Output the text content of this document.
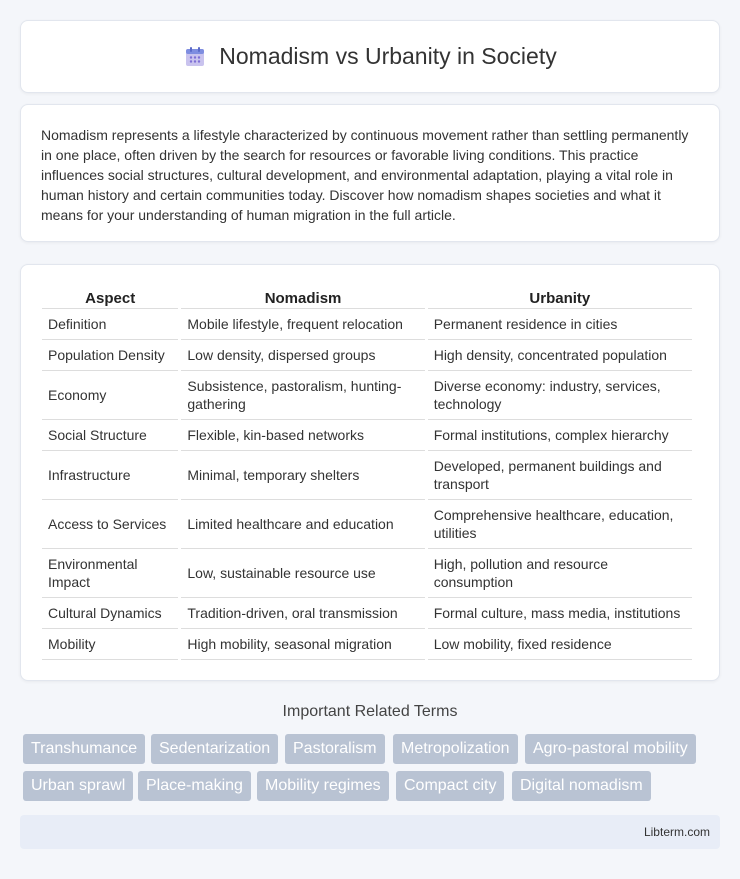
Nomadism vs Urbanity in Society

Nomadism represents a lifestyle characterized by continuous movement rather than settling permanently in one place, often driven by the search for resources or favorable living conditions. This practice influences social structures, cultural development, and environmental adaptation, playing a vital role in human history and certain communities today. Discover how nomadism shapes societies and what it means for your understanding of human migration in the full article.

Aspect	Nomadism	Urbanity
Definition	Mobile lifestyle, frequent relocation	Permanent residence in cities
Population Density	Low density, dispersed groups	High density, concentrated population
Economy	Subsistence, pastoralism, hunting-gathering	Diverse economy: industry, services, technology
Social Structure	Flexible, kin-based networks	Formal institutions, complex hierarchy
Infrastructure	Minimal, temporary shelters	Developed, permanent buildings and transport
Access to Services	Limited healthcare and education	Comprehensive healthcare, education, utilities
Environmental Impact	Low, sustainable resource use	High, pollution and resource consumption
Cultural Dynamics	Tradition-driven, oral transmission	Formal culture, mass media, institutions
Mobility	High mobility, seasonal migration	Low mobility, fixed residence
Important Related Terms
Transhumance	Sedentarization	Pastoralism	Metropolization	Agro-pastoral mobility
Urban sprawl	Place-making	Mobility regimes	Compact city	Digital nomadism
Libterm.com
